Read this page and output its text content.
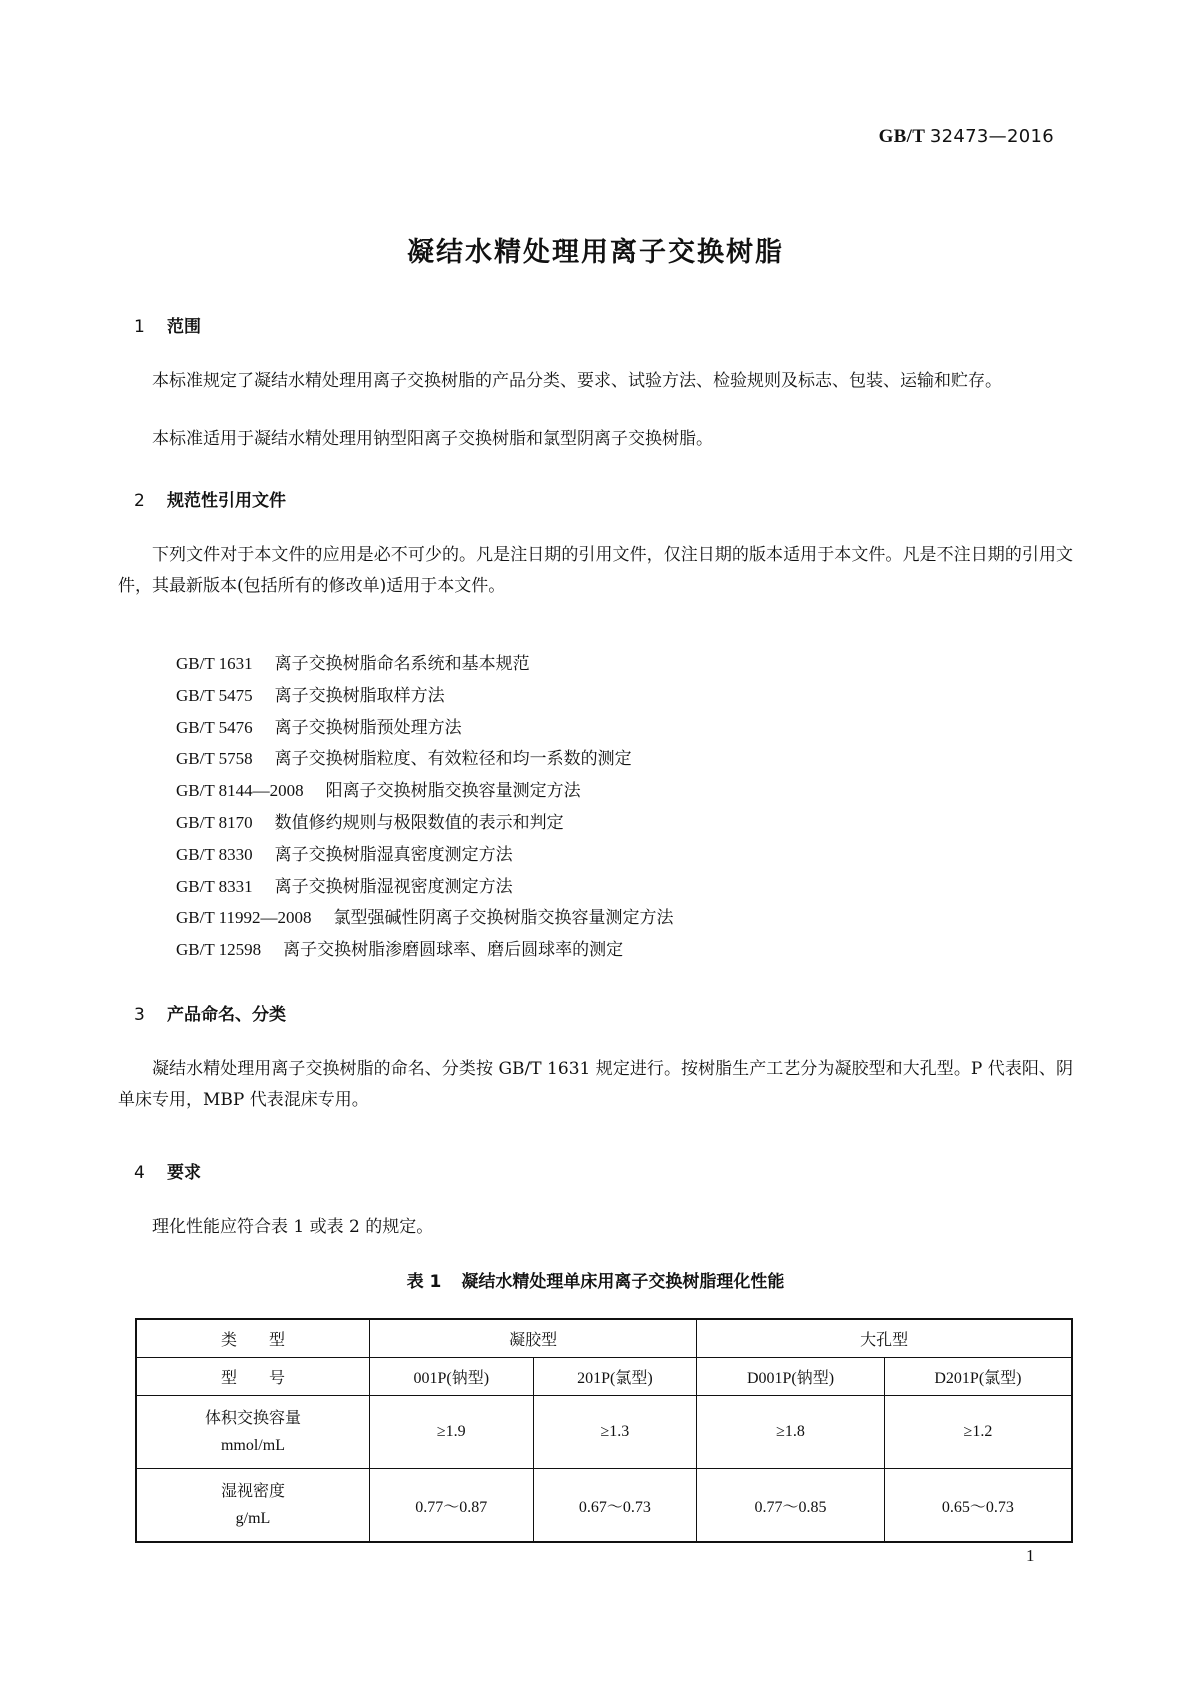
GB/T 32473—2016
凝结水精处理用离子交换树脂
1 范围
本标准规定了凝结水精处理用离子交换树脂的产品分类、要求、试验方法、检验规则及标志、包装、运输和贮存。
本标准适用于凝结水精处理用钠型阳离子交换树脂和氯型阴离子交换树脂。
2 规范性引用文件
下列文件对于本文件的应用是必不可少的。凡是注日期的引用文件，仅注日期的版本适用于本文件。凡是不注日期的引用文件，其最新版本(包括所有的修改单)适用于本文件。
GB/T 1631 离子交换树脂命名系统和基本规范
GB/T 5475 离子交换树脂取样方法
GB/T 5476 离子交换树脂预处理方法
GB/T 5758 离子交换树脂粒度、有效粒径和均一系数的测定
GB/T 8144—2008 阳离子交换树脂交换容量测定方法
GB/T 8170 数值修约规则与极限数值的表示和判定
GB/T 8330 离子交换树脂湿真密度测定方法
GB/T 8331 离子交换树脂湿视密度测定方法
GB/T 11992—2008 氯型强碱性阴离子交换树脂交换容量测定方法
GB/T 12598 离子交换树脂渗磨圆球率、磨后圆球率的测定
3 产品命名、分类
凝结水精处理用离子交换树脂的命名、分类按 GB/T 1631 规定进行。按树脂生产工艺分为凝胶型和大孔型。P 代表阳、阴单床专用，MBP 代表混床专用。
4 要求
理化性能应符合表 1 或表 2 的规定。
表 1 凝结水精处理单床用离子交换树脂理化性能
类　　型	凝胶型		大孔型	
型　　号	001P(钠型)	201P(氯型)	D001P(钠型)	D201P(氯型)

体积交换容量
mmol/mL	≥1.9	≥1.3	≥1.8	≥1.2

湿视密度
g/mL	0.77～0.87	0.67～0.73	0.77～0.85	0.65～0.73
1
